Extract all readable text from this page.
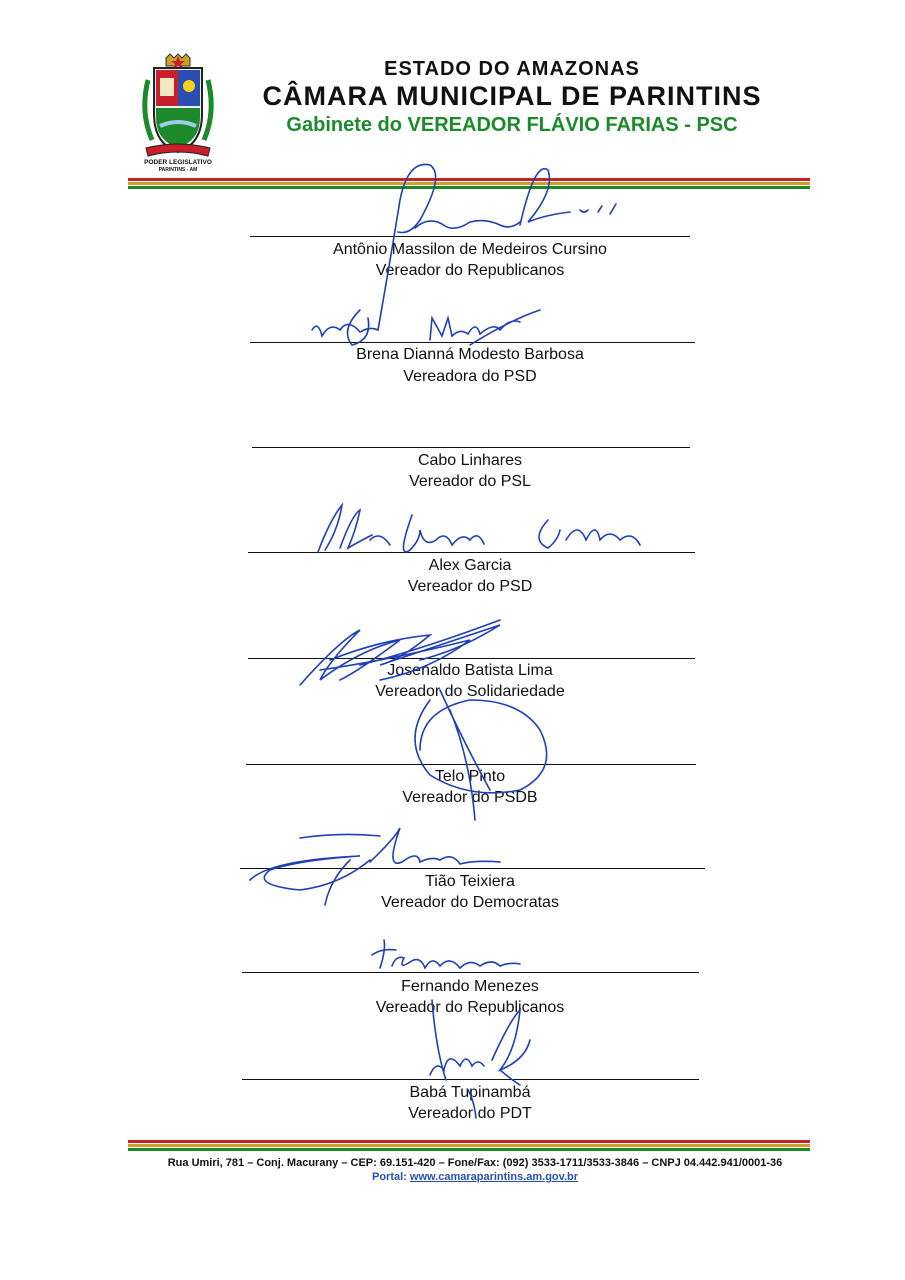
PODER LEGISLATIVO
PARINTINS - AM
ESTADO DO AMAZONAS
CÂMARA MUNICIPAL DE PARINTINS
Gabinete do VEREADOR FLÁVIO FARIAS - PSC
Antônio Massilon de Medeiros Cursino
Vereador do Republicanos
Brena Dianná Modesto Barbosa
Vereadora do PSD
Cabo Linhares
Vereador do PSL
Alex Garcia
Vereador do PSD
Josenaldo Batista Lima
Vereador do Solidariedade
Telo Pinto
Vereador do PSDB
Tião Teixiera
Vereador do Democratas
Fernando Menezes
Vereador do Republicanos
Babá Tupinambá
Vereador do PDT
Rua Umiri, 781 – Conj. Macurany – CEP: 69.151-420 – Fone/Fax: (092) 3533-1711/3533-3846 – CNPJ 04.442.941/0001-36
Portal: www.camaraparintins.am.gov.br
